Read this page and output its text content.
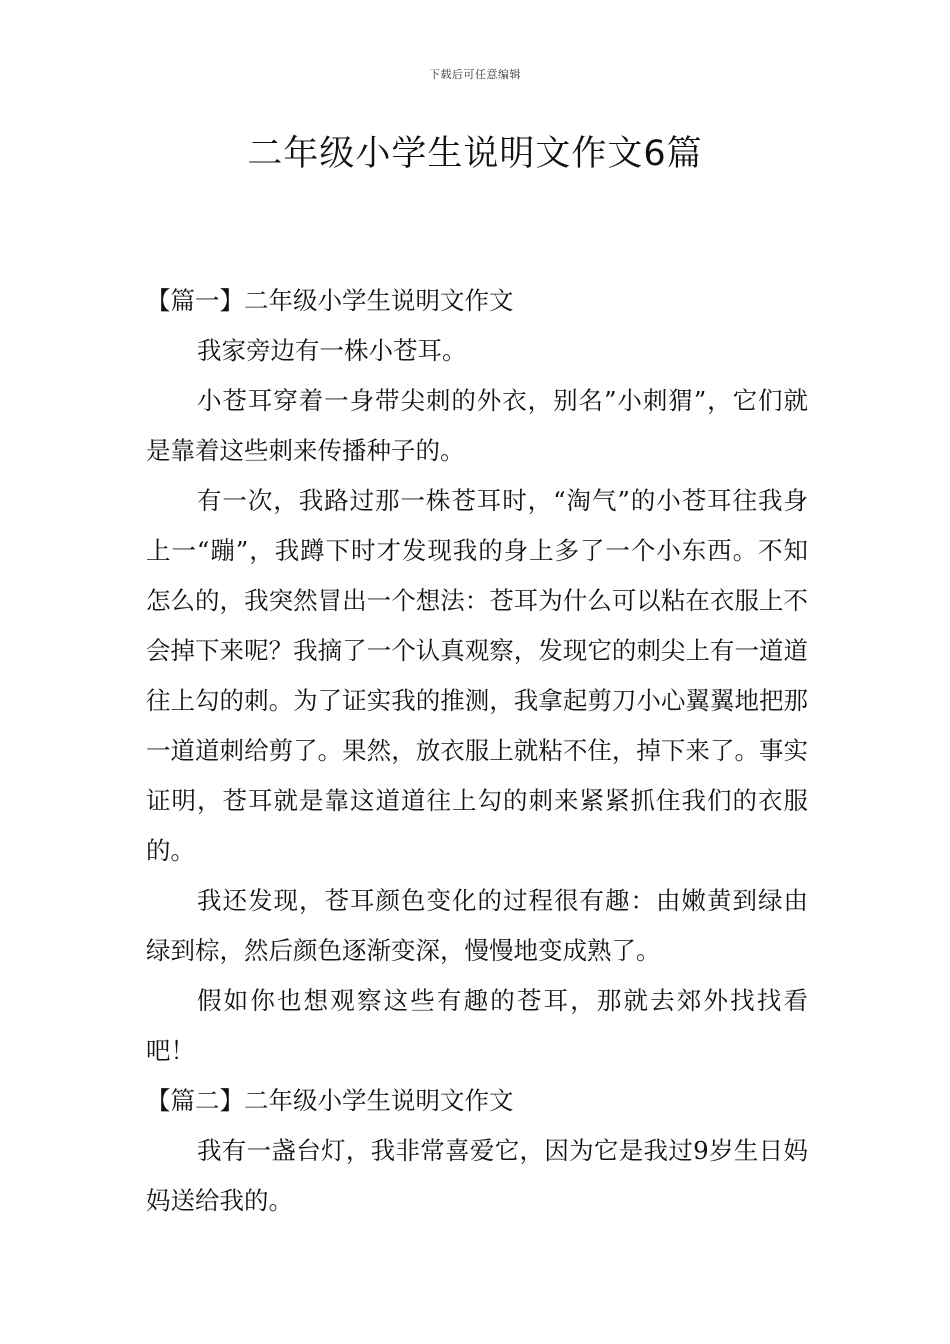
下载后可任意编辑
二年级小学生说明文作文6篇

【篇一】二年级小学生说明文作文

我家旁边有一株小苍耳。

小苍耳穿着一身带尖刺的外衣，别名”小刺猬”，它们就是靠着这些刺来传播种子的。

有一次，我路过那一株苍耳时，“淘气”的小苍耳往我身上一“蹦”，我蹲下时才发现我的身上多了一个小东西。不知怎么的，我突然冒出一个想法：苍耳为什么可以粘在衣服上不会掉下来呢？我摘了一个认真观察，发现它的刺尖上有一道道往上勾的刺。为了证实我的推测，我拿起剪刀小心翼翼地把那一道道刺给剪了。果然，放衣服上就粘不住，掉下来了。事实证明，苍耳就是靠这道道往上勾的刺来紧紧抓住我们的衣服的。

我还发现，苍耳颜色变化的过程很有趣：由嫩黄到绿由绿到棕，然后颜色逐渐变深，慢慢地变成熟了。

假如你也想观察这些有趣的苍耳，那就去郊外找找看吧！

【篇二】二年级小学生说明文作文

我有一盏台灯，我非常喜爱它，因为它是我过9岁生日妈妈送给我的。
